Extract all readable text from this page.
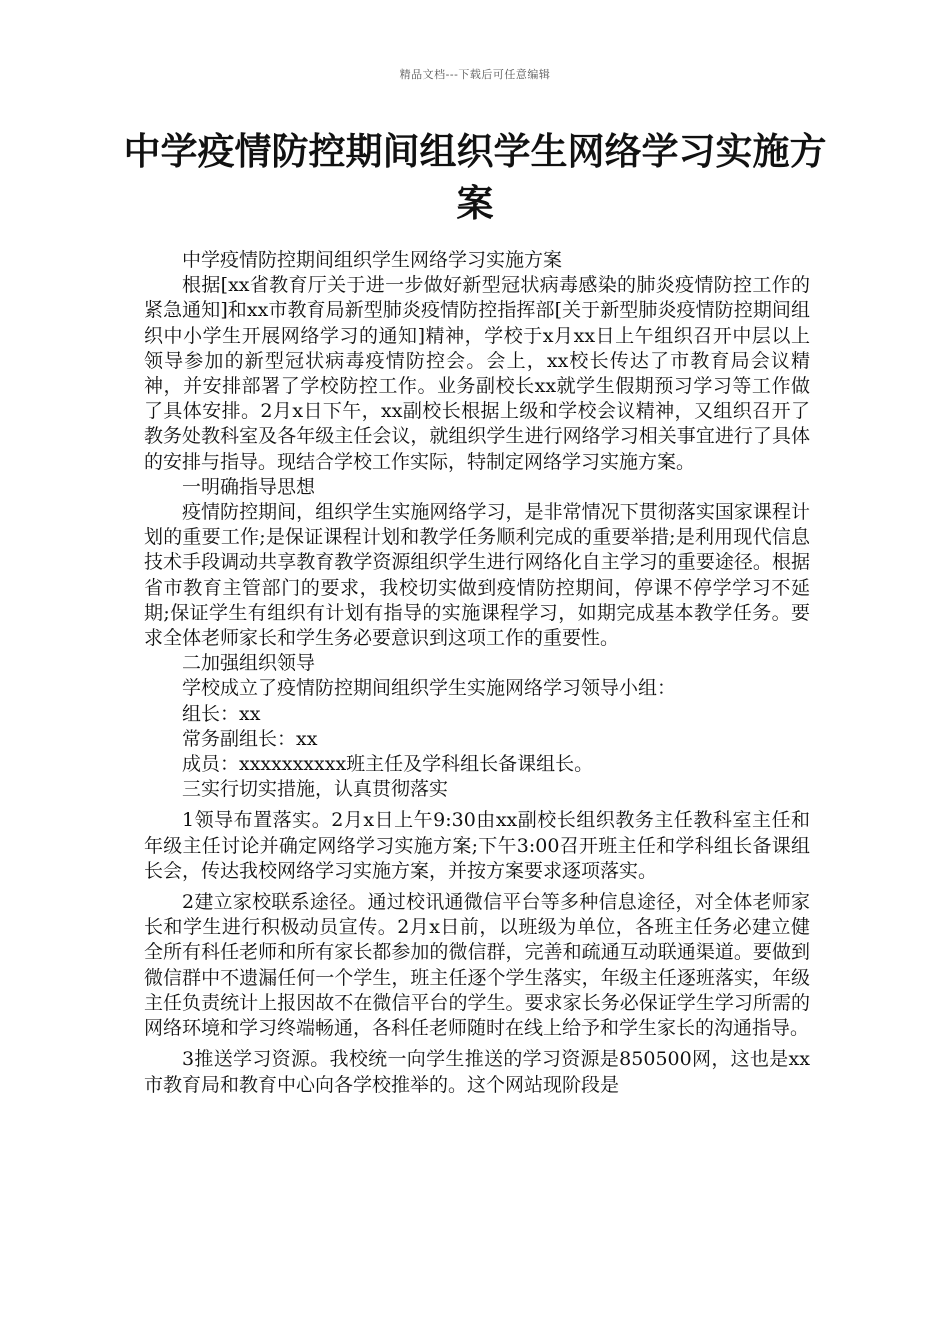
精品文档---下载后可任意编辑
中学疫情防控期间组织学生网络学习实施方案

中学疫情防控期间组织学生网络学习实施方案

根据[xx省教育厅关于进一步做好新型冠状病毒感染的肺炎疫情防控工作的紧急通知]和xx市教育局新型肺炎疫情防控指挥部[关于新型肺炎疫情防控期间组织中小学生开展网络学习的通知]精神，学校于x月xx日上午组织召开中层以上领导参加的新型冠状病毒疫情防控会。会上，xx校长传达了市教育局会议精神，并安排部署了学校防控工作。业务副校长xx就学生假期预习学习等工作做了具体安排。2月x日下午，xx副校长根据上级和学校会议精神，又组织召开了教务处教科室及各年级主任会议，就组织学生进行网络学习相关事宜进行了具体的安排与指导。现结合学校工作实际，特制定网络学习实施方案。

一明确指导思想

疫情防控期间，组织学生实施网络学习，是非常情况下贯彻落实国家课程计划的重要工作;是保证课程计划和教学任务顺利完成的重要举措;是利用现代信息技术手段调动共享教育教学资源组织学生进行网络化自主学习的重要途径。根据省市教育主管部门的要求，我校切实做到疫情防控期间，停课不停学学习不延期;保证学生有组织有计划有指导的实施课程学习，如期完成基本教学任务。要求全体老师家长和学生务必要意识到这项工作的重要性。

二加强组织领导

学校成立了疫情防控期间组织学生实施网络学习领导小组：

组长：xx

常务副组长：xx

成员：xxxxxxxxxx班主任及学科组长备课组长。

三实行切实措施，认真贯彻落实

1领导布置落实。2月x日上午9:30由xx副校长组织教务主任教科室主任和年级主任讨论并确定网络学习实施方案;下午3:00召开班主任和学科组长备课组长会，传达我校网络学习实施方案，并按方案要求逐项落实。

2建立家校联系途径。通过校讯通微信平台等多种信息途径，对全体老师家长和学生进行积极动员宣传。2月x日前，以班级为单位，各班主任务必建立健全所有科任老师和所有家长都参加的微信群，完善和疏通互动联通渠道。要做到微信群中不遗漏任何一个学生，班主任逐个学生落实，年级主任逐班落实，年级主任负责统计上报因故不在微信平台的学生。要求家长务必保证学生学习所需的网络环境和学习终端畅通，各科任老师随时在线上给予和学生家长的沟通指导。

3推送学习资源。我校统一向学生推送的学习资源是850500网，这也是xx市教育局和教育中心向各学校推举的。这个网站现阶段是
